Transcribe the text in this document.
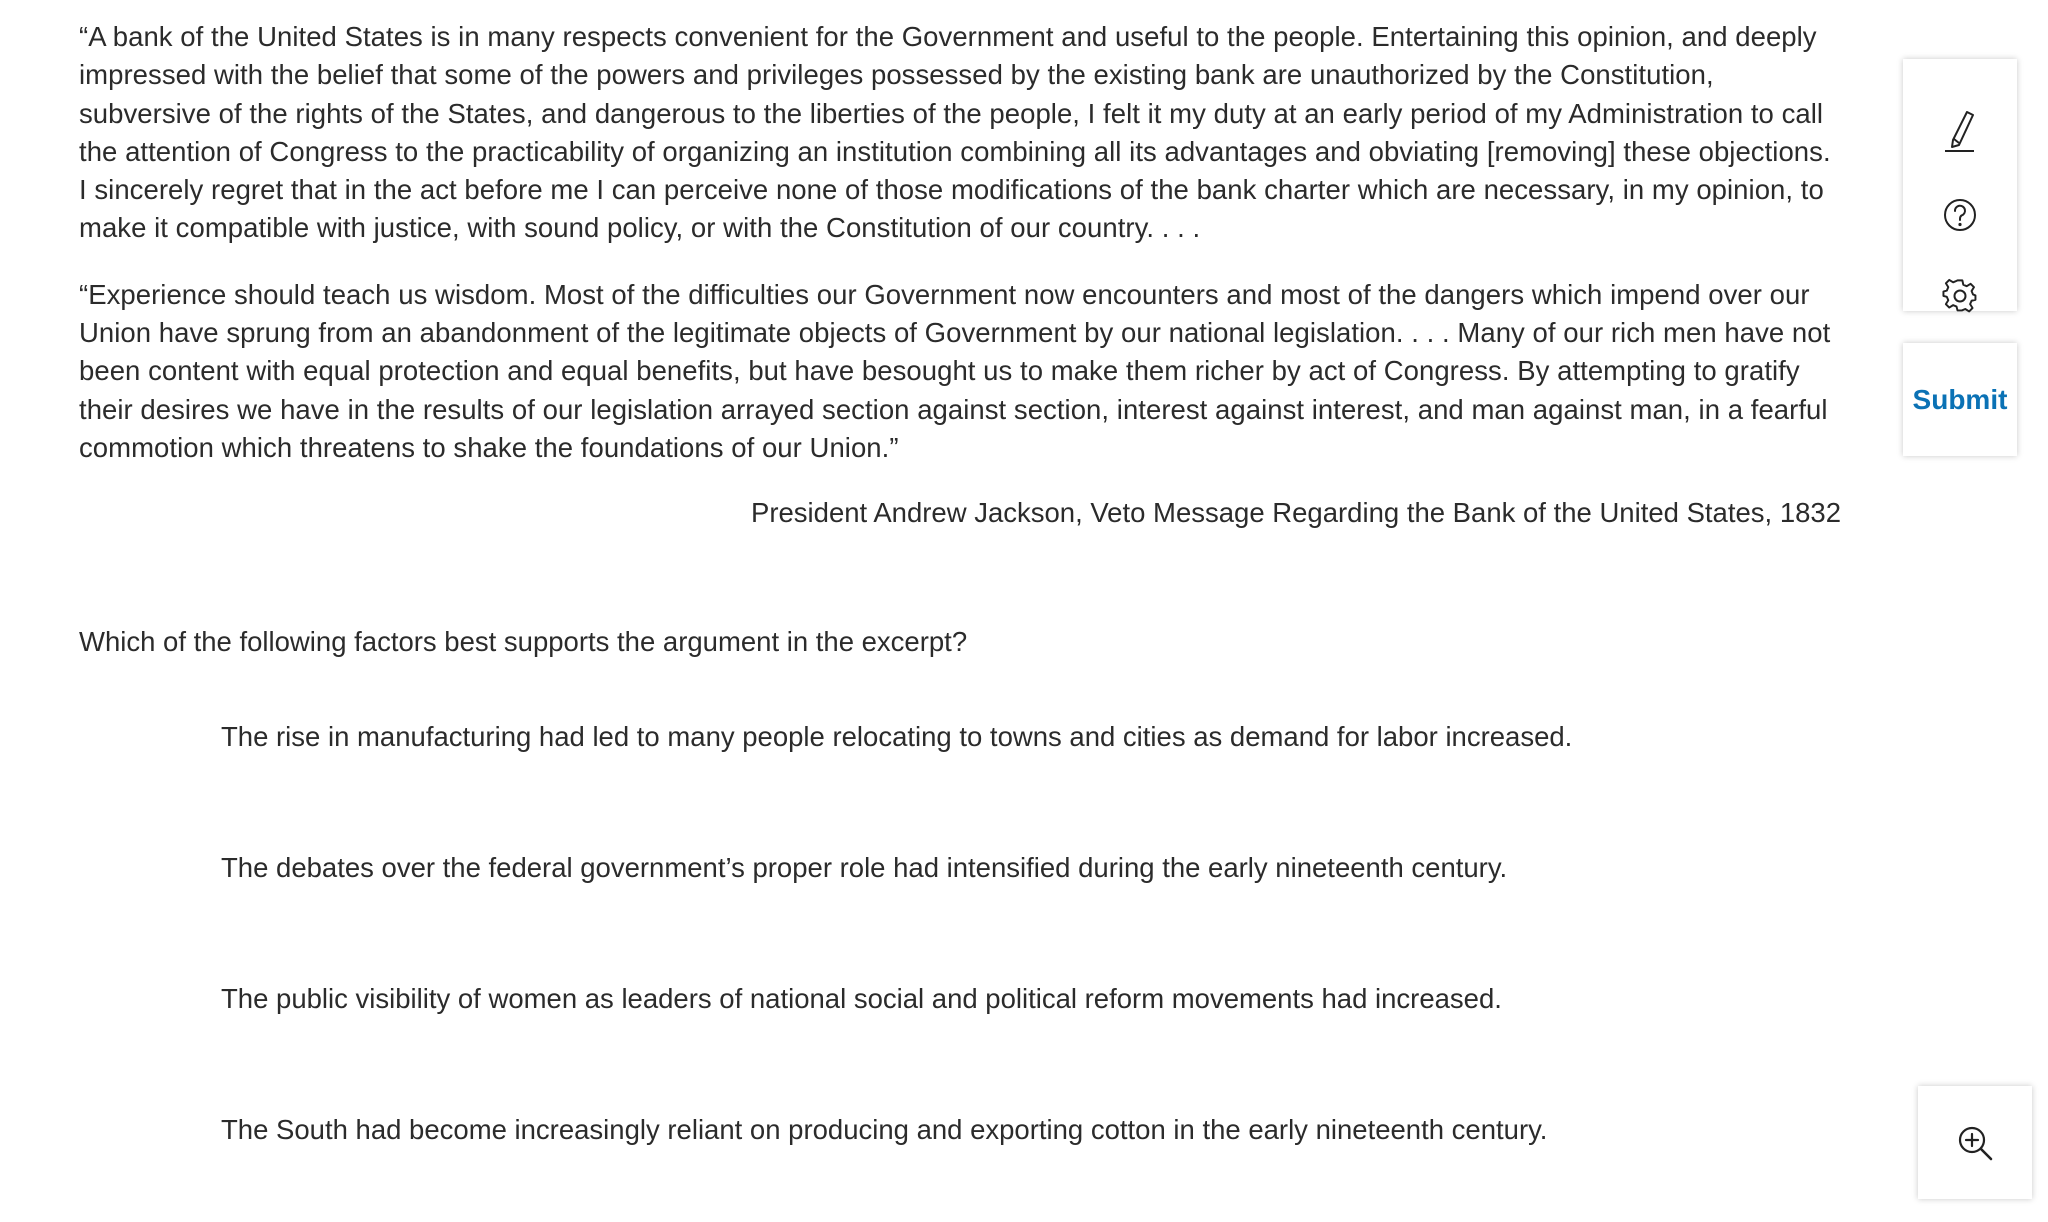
“A bank of the United States is in many respects convenient for the Government and useful to the people. Entertaining this opinion, and deeply impressed with the belief that some of the powers and privileges possessed by the existing bank are unauthorized by the Constitution, subversive of the rights of the States, and dangerous to the liberties of the people, I felt it my duty at an early period of my Administration to call the attention of Congress to the practicability of organizing an institution combining all its advantages and obviating [removing] these objections. I sincerely regret that in the act before me I can perceive none of those modifications of the bank charter which are necessary, in my opinion, to make it compatible with justice, with sound policy, or with the Constitution of our country. . . .

“Experience should teach us wisdom. Most of the difficulties our Government now encounters and most of the dangers which impend over our Union have sprung from an abandonment of the legitimate objects of Government by our national legislation. . . . Many of our rich men have not been content with equal protection and equal benefits, but have besought us to make them richer by act of Congress. By attempting to gratify their desires we have in the results of our legislation arrayed section against section, interest against interest, and man against man, in a fearful commotion which threatens to shake the foundations of our Union.”

President Andrew Jackson, Veto Message Regarding the Bank of the United States, 1832
Which of the following factors best supports the argument in the excerpt?
The rise in manufacturing had led to many people relocating to towns and cities as demand for labor increased.
The debates over the federal government’s proper role had intensified during the early nineteenth century.
The public visibility of women as leaders of national social and political reform movements had increased.
The South had become increasingly reliant on producing and exporting cotton in the early nineteenth century.
Submit
